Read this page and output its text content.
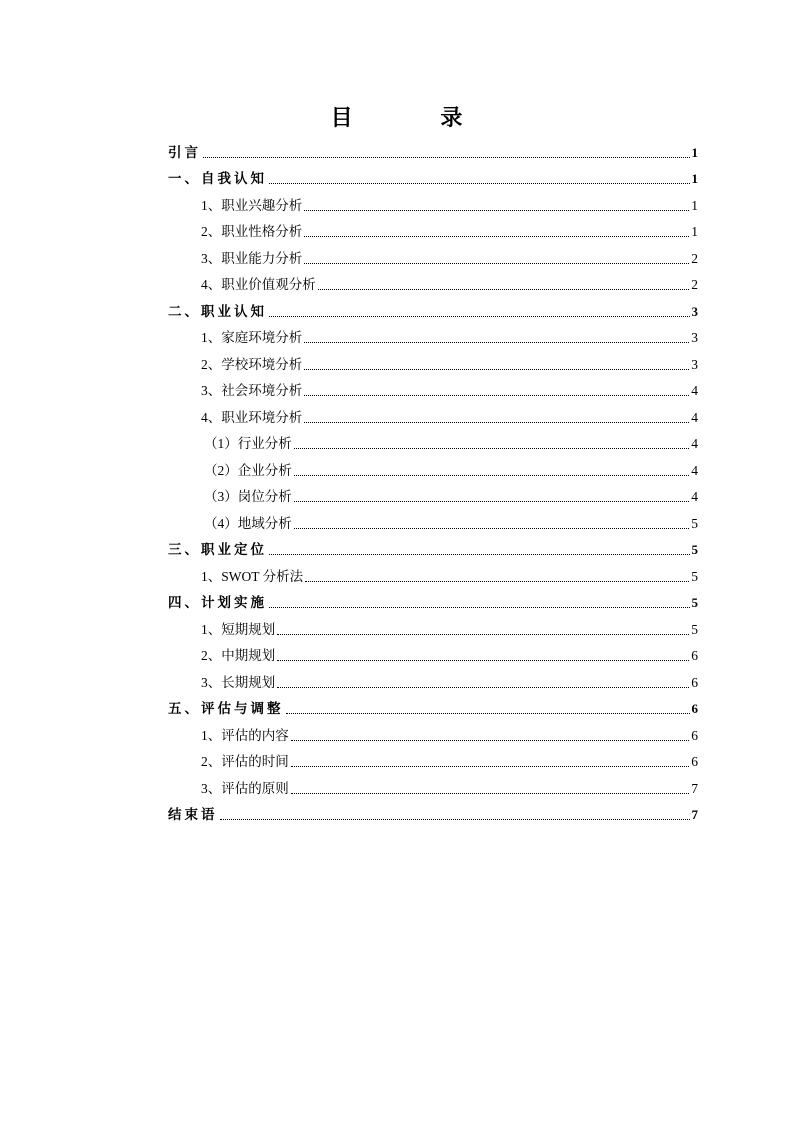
目 录
引言	1
一、自我认知	1
1、职业兴趣分析	1
2、职业性格分析	1
3、职业能力分析	2
4、职业价值观分析	2
二、职业认知	3
1、家庭环境分析	3
2、学校环境分析	3
3、社会环境分析	4
4、职业环境分析	4
（1）行业分析	4
（2）企业分析	4
（3）岗位分析	4
（4）地域分析	5
三、职业定位	5
1、SWOT 分析法	5
四、计划实施	5
1、短期规划	5
2、中期规划	6
3、长期规划	6
五、评估与调整	6
1、评估的内容	6
2、评估的时间	6
3、评估的原则	7
结束语	7
